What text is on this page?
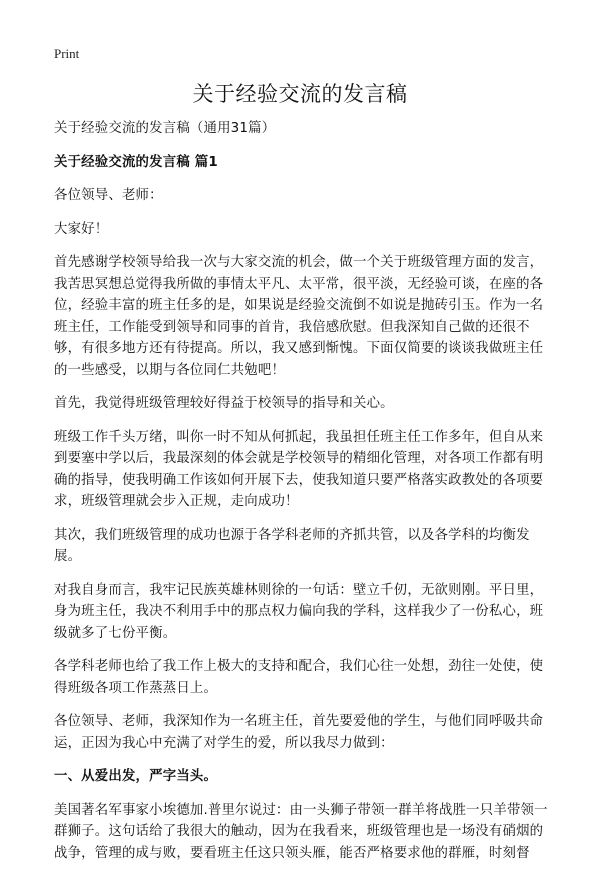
Print
关于经验交流的发言稿

关于经验交流的发言稿（通用31篇）

关于经验交流的发言稿 篇1

各位领导、老师：

大家好！

首先感谢学校领导给我一次与大家交流的机会，做一个关于班级管理方面的发言，我苦思冥想总觉得我所做的事情太平凡、太平常，很平淡，无经验可谈，在座的各位，经验丰富的班主任多的是，如果说是经验交流倒不如说是抛砖引玉。作为一名班主任，工作能受到领导和同事的首肯，我倍感欣慰。但我深知自己做的还很不够，有很多地方还有待提高。所以，我又感到惭愧。下面仅简要的谈谈我做班主任的一些感受，以期与各位同仁共勉吧！

首先，我觉得班级管理较好得益于校领导的指导和关心。

班级工作千头万绪，叫你一时不知从何抓起，我虽担任班主任工作多年，但自从来到要塞中学以后，我最深刻的体会就是学校领导的精细化管理，对各项工作都有明确的指导，使我明确工作该如何开展下去，使我知道只要严格落实政教处的各项要求，班级管理就会步入正规，走向成功！

其次，我们班级管理的成功也源于各学科老师的齐抓共管，以及各学科的均衡发展。

对我自身而言，我牢记民族英雄林则徐的一句话：壁立千仞，无欲则刚。平日里，身为班主任，我决不利用手中的那点权力偏向我的学科，这样我少了一份私心，班级就多了七份平衡。

各学科老师也给了我工作上极大的支持和配合，我们心往一处想，劲往一处使，使得班级各项工作蒸蒸日上。

各位领导、老师，我深知作为一名班主任，首先要爱他的学生，与他们同呼吸共命运，正因为我心中充满了对学生的爱，所以我尽力做到：

一、从爱出发，严字当头。

美国著名军事家小埃德加.普里尔说过：由一头狮子带领一群羊将战胜一只羊带领一群狮子。这句话给了我很大的触动，因为在我看来，班级管理也是一场没有硝烟的战争，管理的成与败，要看班主任这只领头雁，能否严格要求他的群雁，时刻督
